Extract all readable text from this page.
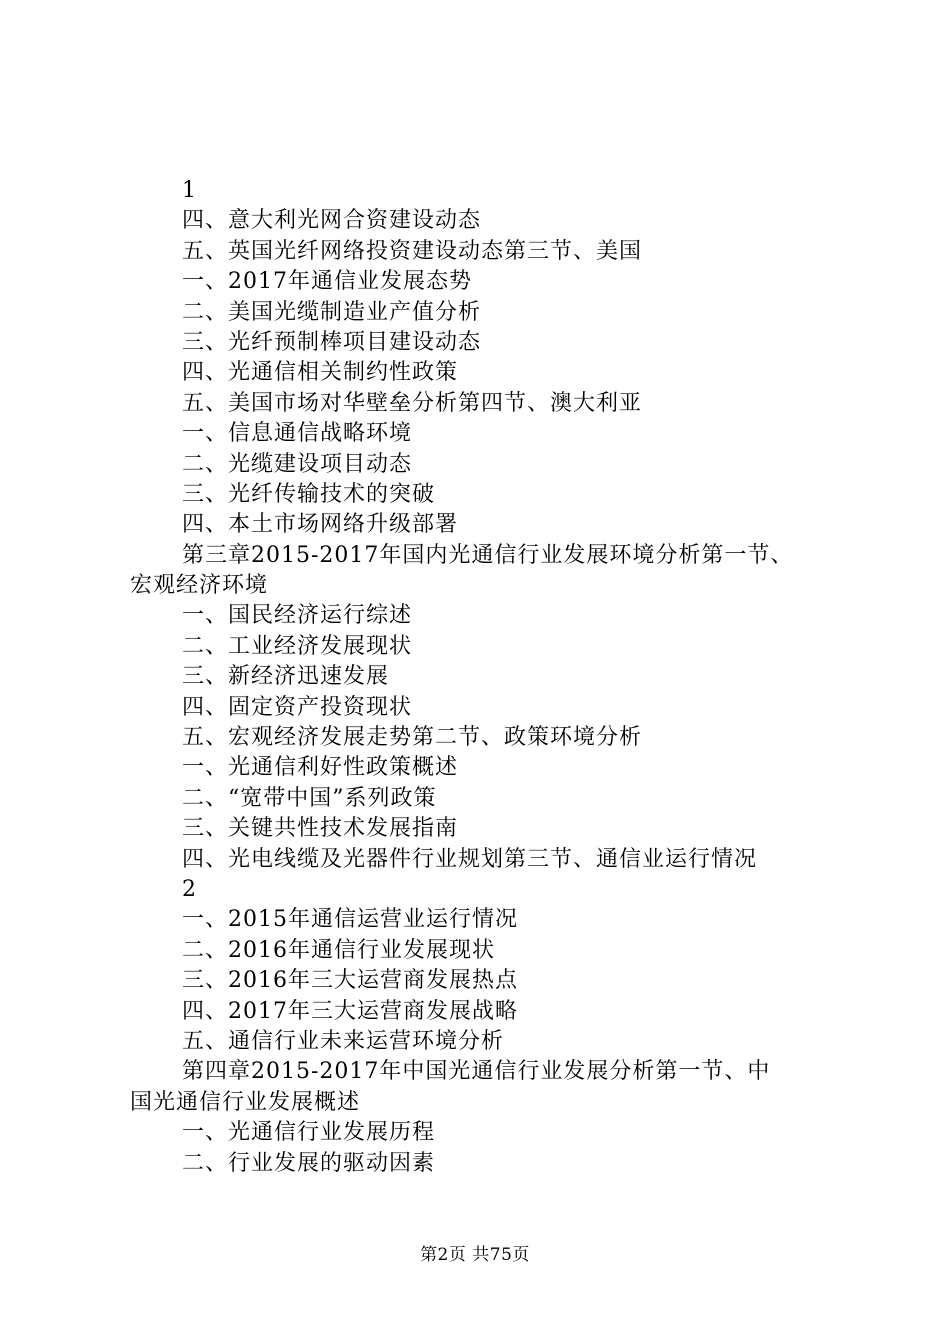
1
四、意大利光网合资建设动态
五、英国光纤网络投资建设动态第三节、美国
一、2017年通信业发展态势
二、美国光缆制造业产值分析
三、光纤预制棒项目建设动态
四、光通信相关制约性政策
五、美国市场对华壁垒分析第四节、澳大利亚
一、信息通信战略环境
二、光缆建设项目动态
三、光纤传输技术的突破
四、本土市场网络升级部署
第三章2015-2017年国内光通信行业发展环境分析第一节、
宏观经济环境
一、国民经济运行综述
二、工业经济发展现状
三、新经济迅速发展
四、固定资产投资现状
五、宏观经济发展走势第二节、政策环境分析
一、光通信利好性政策概述
二、“宽带中国”系列政策
三、关键共性技术发展指南
四、光电线缆及光器件行业规划第三节、通信业运行情况
2
一、2015年通信运营业运行情况
二、2016年通信行业发展现状
三、2016年三大运营商发展热点
四、2017年三大运营商发展战略
五、通信行业未来运营环境分析
第四章2015-2017年中国光通信行业发展分析第一节、中
国光通信行业发展概述
一、光通信行业发展历程
二、行业发展的驱动因素
第2页 共75页
